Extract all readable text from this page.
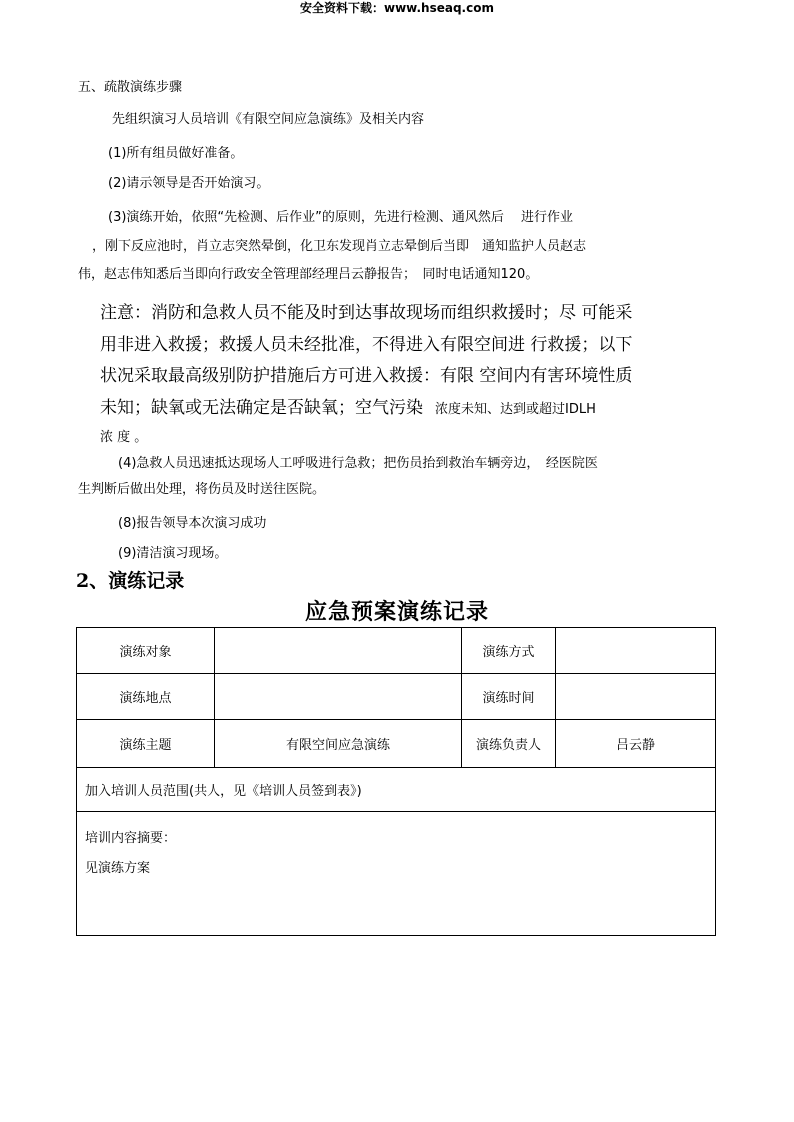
安全资料下载：www.hseaq.com
五、疏散演练步骤
先组织演习人员培训《有限空间应急演练》及相关内容
(1)所有组员做好准备。
(2)请示领导是否开始演习。
(3)演练开始，依照“先检测、后作业”的原则，先进行检测、通风然后　 进行作业
，刚下反应池时，肖立志突然晕倒，化卫东发现肖立志晕倒后当即　通知监护人员赵志
伟，赵志伟知悉后当即向行政安全管理部经理吕云静报告；　同时电话通知120。
注意：消防和急救人员不能及时到达事故现场而组织救援时；尽 可能采
用非进入救援；救援人员未经批准，不得进入有限空间进 行救援；以下
状况采取最高级别防护措施后方可进入救援：有限 空间内有害环境性质
未知；缺氧或无法确定是否缺氧；空气污染 浓度未知、达到或超过IDLH
浓 度 。
(4)急救人员迅速抵达现场人工呼吸进行急救；把伤员抬到救治车辆旁边，　经医院医
生判断后做出处理，将伤员及时送往医院。
(8)报告领导本次演习成功
(9)清洁演习现场。
2、演练记录
应急预案演练记录
演练对象		演练方式	
演练地点		演练时间	
演练主题	有限空间应急演练	演练负责人	吕云静
加入培训人员范围(共人，见《培训人员签到表》)			

培训内容摘要：
见演练方案			
